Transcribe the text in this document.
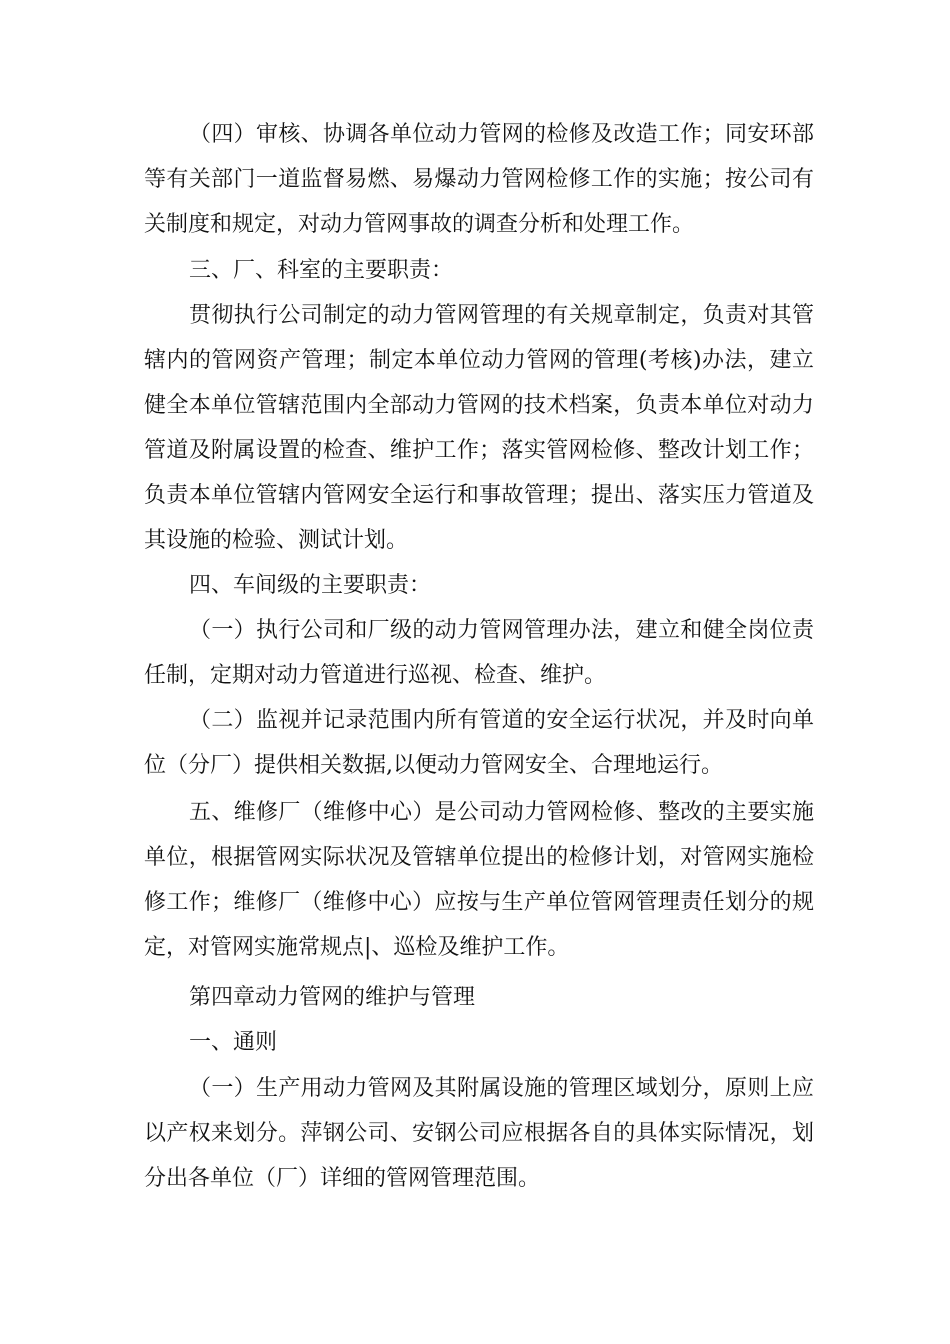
（四）审核、协调各单位动力管网的检修及改造工作；同安环部等有关部门一道监督易燃、易爆动力管网检修工作的实施；按公司有关制度和规定，对动力管网事故的调查分析和处理工作。

三、厂、科室的主要职责：

贯彻执行公司制定的动力管网管理的有关规章制定，负责对其管辖内的管网资产管理；制定本单位动力管网的管理(考核)办法，建立健全本单位管辖范围内全部动力管网的技术档案，负责本单位对动力管道及附属设置的检查、维护工作；落实管网检修、整改计划工作；负责本单位管辖内管网安全运行和事故管理；提出、落实压力管道及其设施的检验、测试计划。

四、车间级的主要职责：

（一）执行公司和厂级的动力管网管理办法，建立和健全岗位责任制，定期对动力管道进行巡视、检查、维护。

（二）监视并记录范围内所有管道的安全运行状况，并及时向单位（分厂）提供相关数据,以便动力管网安全、合理地运行。

五、维修厂（维修中心）是公司动力管网检修、整改的主要实施单位，根据管网实际状况及管辖单位提出的检修计划，对管网实施检修工作；维修厂（维修中心）应按与生产单位管网管理责任划分的规定，对管网实施常规点|、巡检及维护工作。

第四章动力管网的维护与管理

一、通则

（一）生产用动力管网及其附属设施的管理区域划分，原则上应以产权来划分。萍钢公司、安钢公司应根据各自的具体实际情况，划分出各单位（厂）详细的管网管理范围。
